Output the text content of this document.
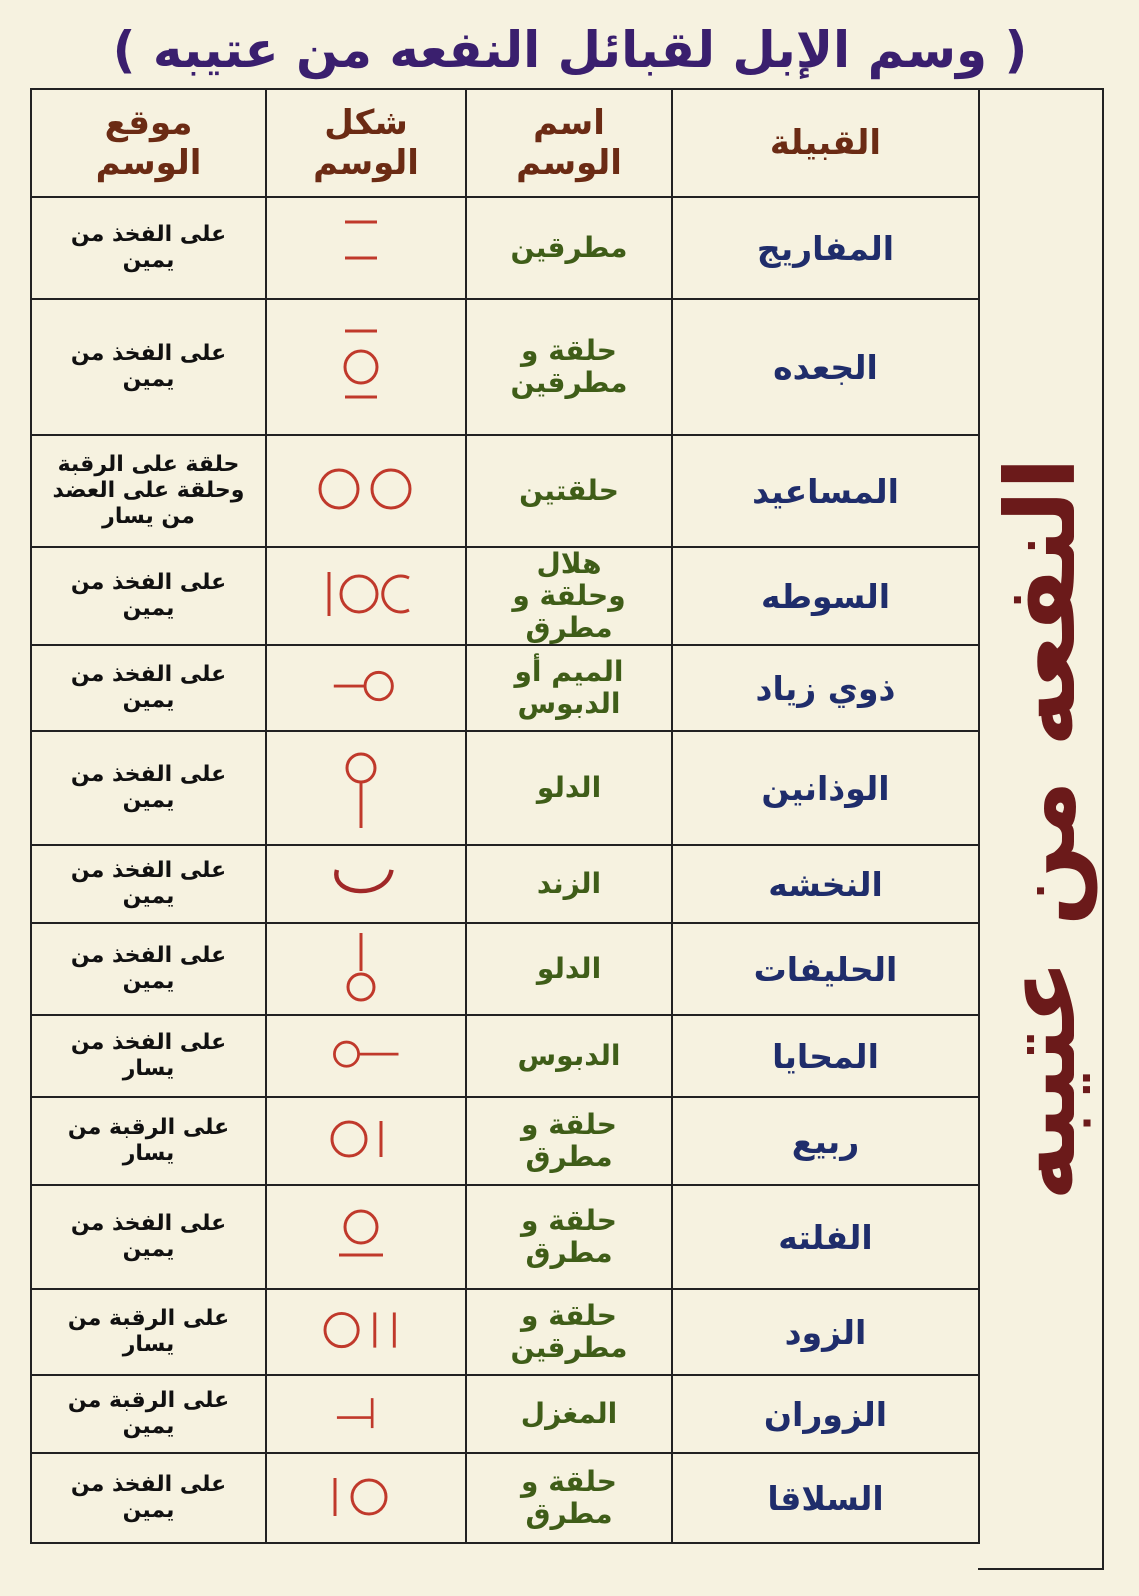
( وسم الإبل لقبائل النفعه من عتيبه )
موقع الوسم	شكل الوسم	اسم الوسم	القبيلة

على الفخذ من يمين		مطرقين	المفاريج

على الفخذ من يمين		حلقة و مطرقين	الجعده

حلقة على الرقبة وحلقة على العضد من يسار		حلقتين	المساعيد

على الفخذ من يمين		هلال وحلقة و مطرق	السوطه

على الفخذ من يمين		الميم أو الدبوس	ذوي زياد

على الفخذ من يمين		الدلو	الوذانين

على الفخذ من يمين		الزند	النخشه

على الفخذ من يمين		الدلو	الحليفات

على الفخذ من يسار		الدبوس	المحايا

على الرقبة من يسار		حلقة و مطرق	ربيع

على الفخذ من يمين		حلقة و مطرق	الفلته

على الرقبة من يسار		حلقة و مطرقين	الزود

على الرقبة من يمين		المغزل	الزوران

على الفخذ من يمين		حلقة و مطرق	السلاقا
النفعه من عتيبه
